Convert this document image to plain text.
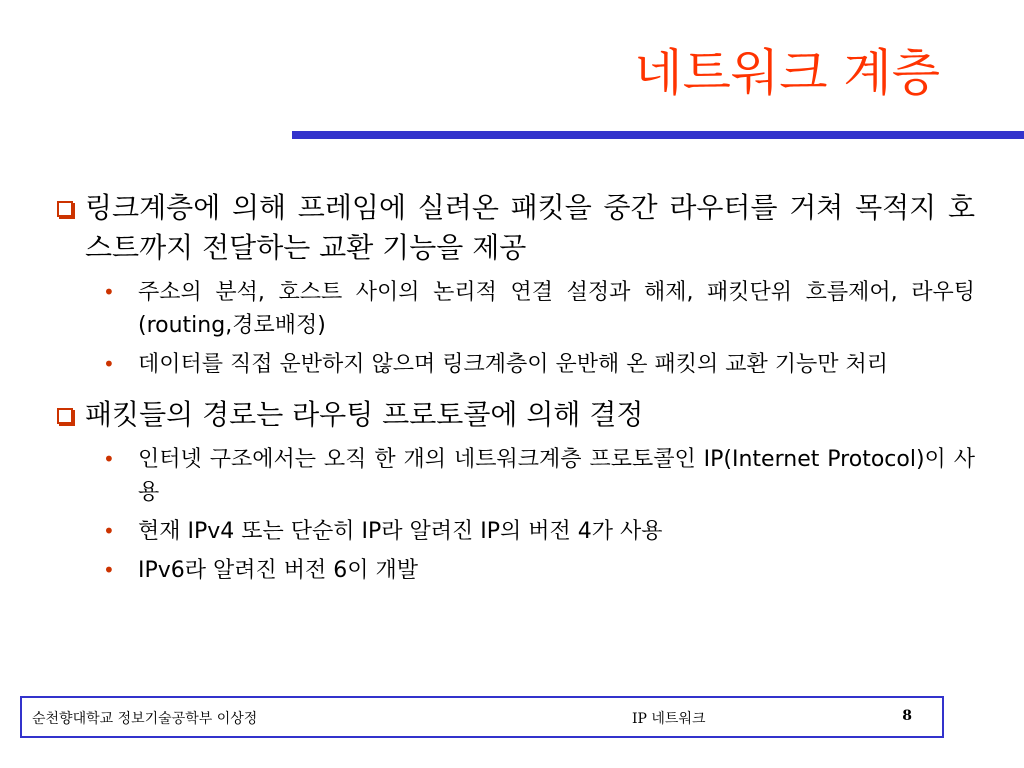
네트워크 계층
링크계층에 의해 프레임에 실려온 패킷을 중간 라우터를 거쳐 목적지 호스트까지 전달하는 교환 기능을 제공
•	주소의 분석, 호스트 사이의 논리적 연결 설정과 해제, 패킷단위 흐름제어, 라우팅(routing,경로배정)
•	데이터를 직접 운반하지 않으며 링크계층이 운반해 온 패킷의 교환 기능만 처리
패킷들의 경로는 라우팅 프로토콜에 의해 결정
•	인터넷 구조에서는 오직 한 개의 네트워크계층 프로토콜인 IP(Internet Protocol)이 사용
•	현재 IPv4 또는 단순히 IP라 알려진 IP의 버전 4가 사용
•	IPv6라 알려진 버전 6이 개발
순천향대학교 정보기술공학부 이상정	IP 네트워크	8
